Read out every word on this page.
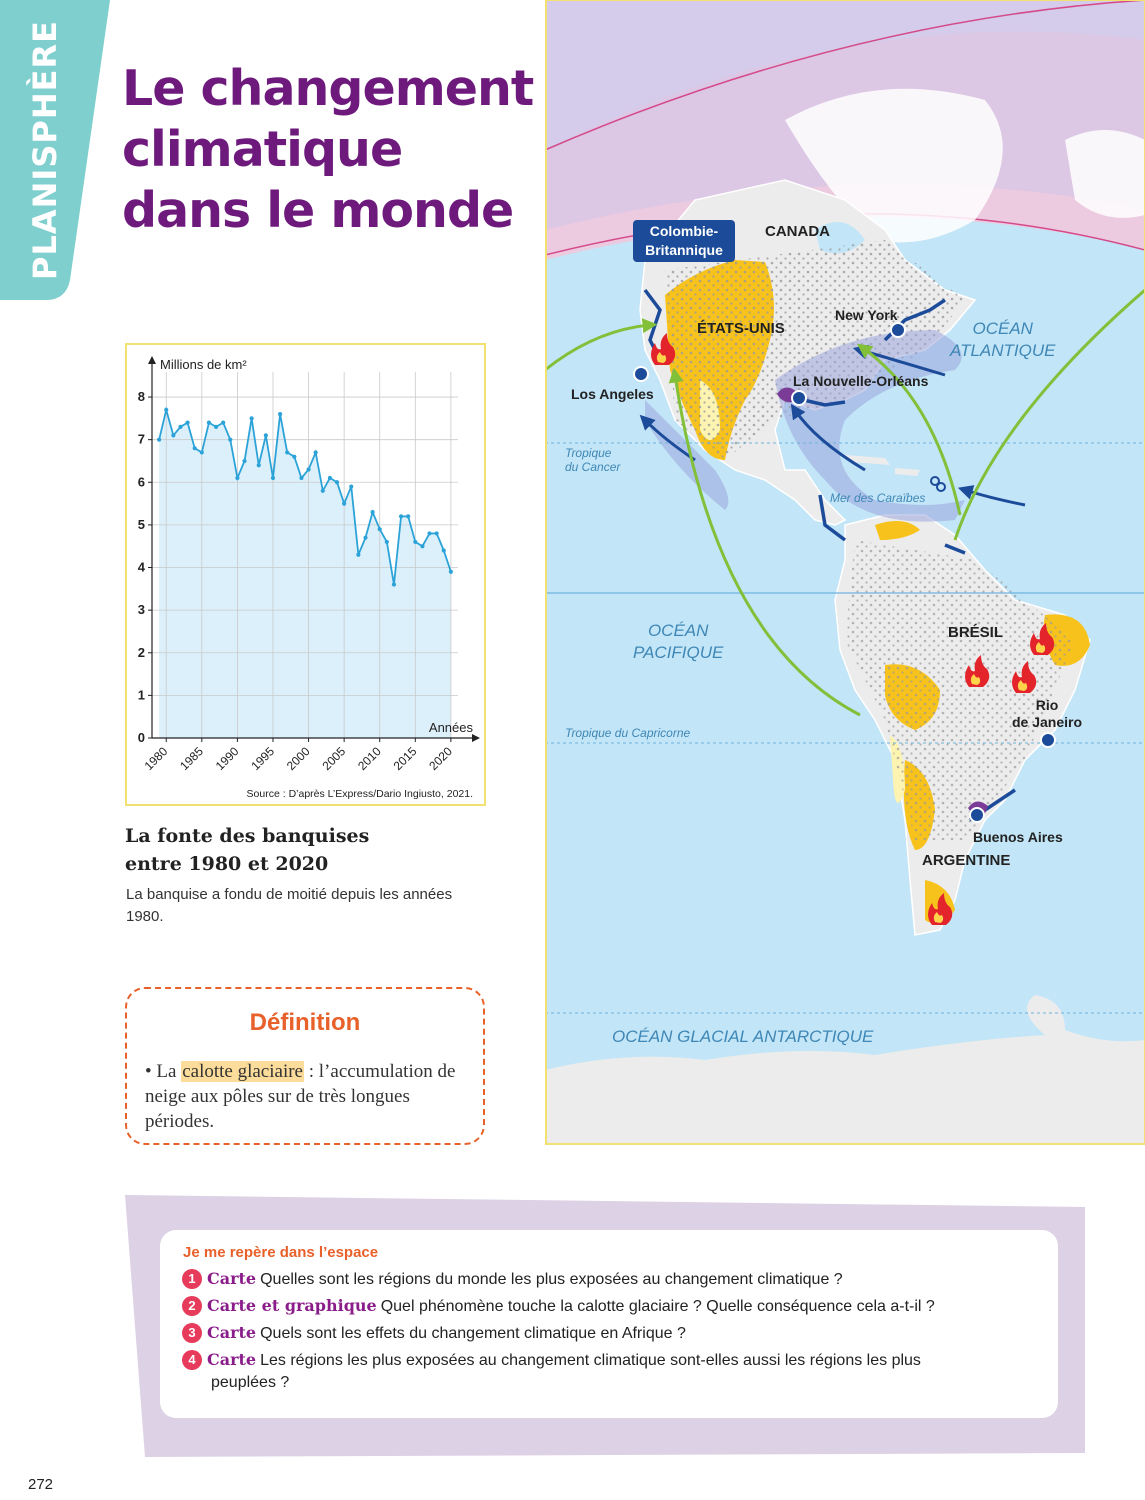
PLANISPHÈRE Le changement
climatique
dans le monde
0
1
2
3
4
5
6
7
8
1980 1985 1990 1995 2000 2005 2010 2015 2020
Millions de km²
Années
Source : D’après L’Express/Dario Ingiusto, 2021.
La fonte des banquises
entre 1980 et 2020

La banquise a fondu de moitié depuis les années 1980.

Définition

• La calotte glaciaire : l’accumulation de neige aux pôles sur de très longues périodes.

Colombie-
Britannique
CANADA
ÉTATS-UNIS
New York
Los Angeles
La Nouvelle-Orléans
OCÉAN
ATLANTIQUE
Tropique
du Cancer
Mer des Caraïbes
OCÉAN
PACIFIQUE
BRÉSIL
Rio
de Janeiro
Tropique du Capricorne
Buenos Aires
ARGENTINE
OCÉAN GLACIAL ANTARCTIQUE
Je me repère dans l’espace
1 Carte Quelles sont les régions du monde les plus exposées au changement climatique ?
2 Carte et graphique Quel phénomène touche la calotte glaciaire ? Quelle conséquence cela a-t-il ?
3 Carte Quels sont les effets du changement climatique en Afrique ?
4 Carte Les régions les plus exposées au changement climatique sont-elles aussi les régions les plus
peuplées ?
272
